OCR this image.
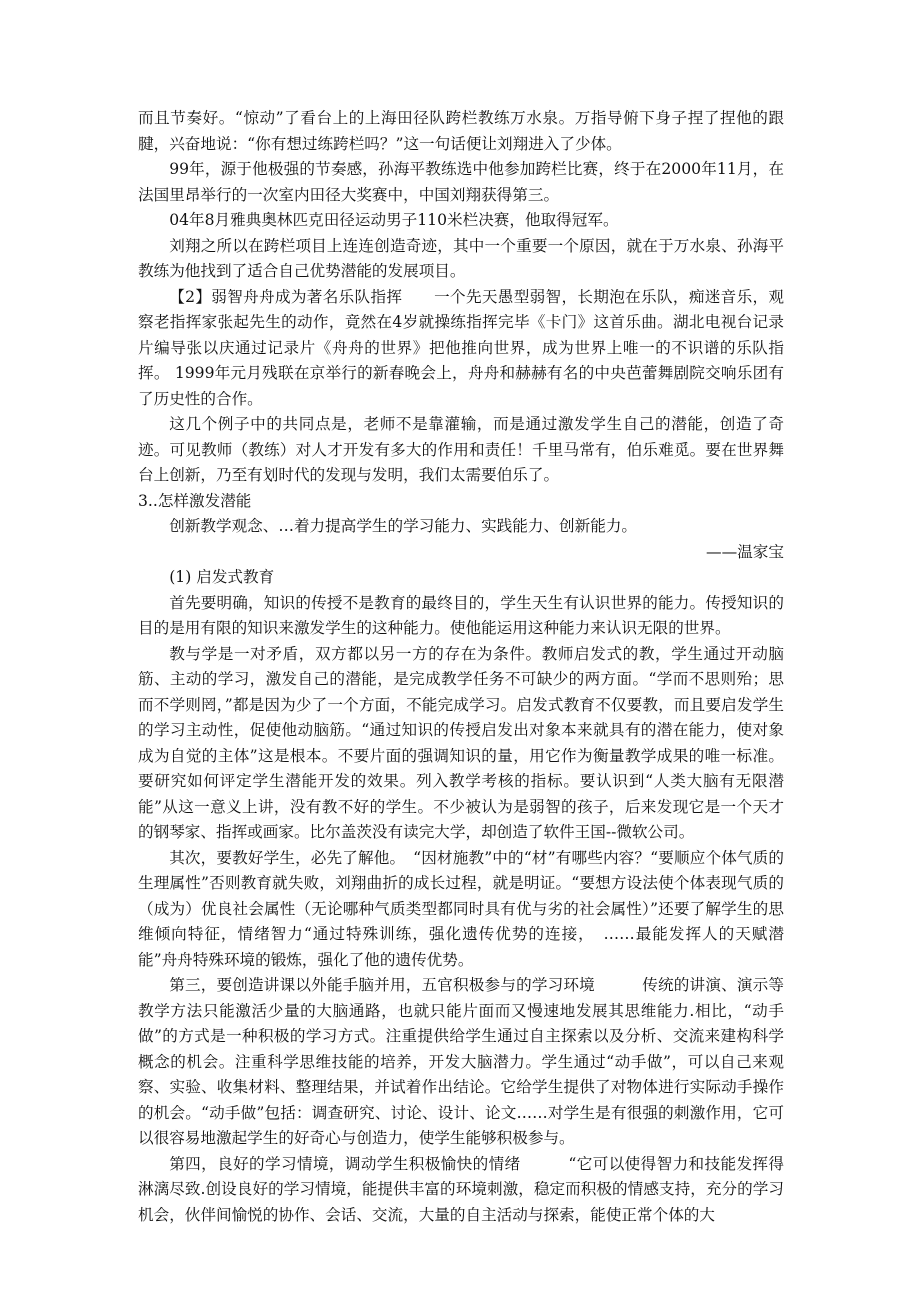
而且节奏好。“惊动”了看台上的上海田径队跨栏教练万水泉。万指导俯下身子捏了捏他的跟腱，兴奋地说：“你有想过练跨栏吗？”这一句话便让刘翔进入了少体。

99年，源于他极强的节奏感，孙海平教练选中他参加跨栏比赛，终于在2000年11月，在法国里昂举行的一次室内田径大奖赛中，中国刘翔获得第三。

04年8月雅典奥林匹克田径运动男子110米栏决赛，他取得冠军。

刘翔之所以在跨栏项目上连连创造奇迹，其中一个重要一个原因，就在于万水泉、孙海平教练为他找到了适合自己优势潜能的发展项目。

【2】弱智舟舟成为著名乐队指挥　　一个先天愚型弱智，长期泡在乐队，痴迷音乐，观察老指挥家张起先生的动作，竟然在4岁就操练指挥完毕《卡门》这首乐曲。湖北电视台记录片编导张以庆通过记录片《舟舟的世界》把他推向世界，成为世界上唯一的不识谱的乐队指挥。 1999年元月残联在京举行的新春晚会上，舟舟和赫赫有名的中央芭蕾舞剧院交响乐团有了历史性的合作。

这几个例子中的共同点是，老师不是靠灌输，而是通过激发学生自己的潜能，创造了奇迹。可见教师（教练）对人才开发有多大的作用和责任！千里马常有，伯乐难觅。要在世界舞台上创新，乃至有划时代的发现与发明，我们太需要伯乐了。

3..怎样激发潜能

创新教学观念、…着力提高学生的学习能力、实践能力、创新能力。

——温家宝

(1) 启发式教育

首先要明确，知识的传授不是教育的最终目的，学生天生有认识世界的能力。传授知识的目的是用有限的知识来激发学生的这种能力。使他能运用这种能力来认识无限的世界。

教与学是一对矛盾，双方都以另一方的存在为条件。教师启发式的教，学生通过开动脑筋、主动的学习，激发自己的潜能，是完成教学任务不可缺少的两方面。“学而不思则殆；思而不学则罔，”都是因为少了一个方面，不能完成学习。启发式教育不仅要教，而且要启发学生的学习主动性，促使他动脑筋。“通过知识的传授启发出对象本来就具有的潜在能力，使对象成为自觉的主体”这是根本。不要片面的强调知识的量，用它作为衡量教学成果的唯一标准。要研究如何评定学生潜能开发的效果。列入教学考核的指标。要认识到“人类大脑有无限潜能”从这一意义上讲，没有教不好的学生。不少被认为是弱智的孩子，后来发现它是一个天才的钢琴家、指挥或画家。比尔盖茨没有读完大学，却创造了软件王国--微软公司。

其次，要教好学生，必先了解他。　“因材施教”中的“材”有哪些内容？“要顺应个体气质的生理属性”否则教育就失败，刘翔曲折的成长过程，就是明证。“要想方设法使个体表现气质的（成为）优良社会属性（无论哪种气质类型都同时具有优与劣的社会属性）”还要了解学生的思维倾向特征，情绪智力“通过特殊训练，强化遗传优势的连接，　……最能发挥人的天赋潜能”舟舟特殊环境的锻炼，强化了他的遗传优势。

第三，要创造讲课以外能手脑并用，五官积极参与的学习环境　　　传统的讲演、演示等教学方法只能激活少量的大脑通路，也就只能片面而又慢速地发展其思维能力.相比，“动手做”的方式是一种积极的学习方式。注重提供给学生通过自主探索以及分析、交流来建构科学概念的机会。注重科学思维技能的培养，开发大脑潜力。学生通过“动手做”，可以自己来观察、实验、收集材料、整理结果，并试着作出结论。它给学生提供了对物体进行实际动手操作的机会。“动手做”包括：调查研究、讨论、设计、论文……对学生是有很强的刺激作用，它可以很容易地激起学生的好奇心与创造力，使学生能够积极参与。

第四，良好的学习情境，调动学生积极愉快的情绪　　　“它可以使得智力和技能发挥得淋漓尽致.创设良好的学习情境，能提供丰富的环境刺激，稳定而积极的情感支持，充分的学习机会，伙伴间愉悦的协作、会话、交流，大量的自主活动与探索，能使正常个体的大
